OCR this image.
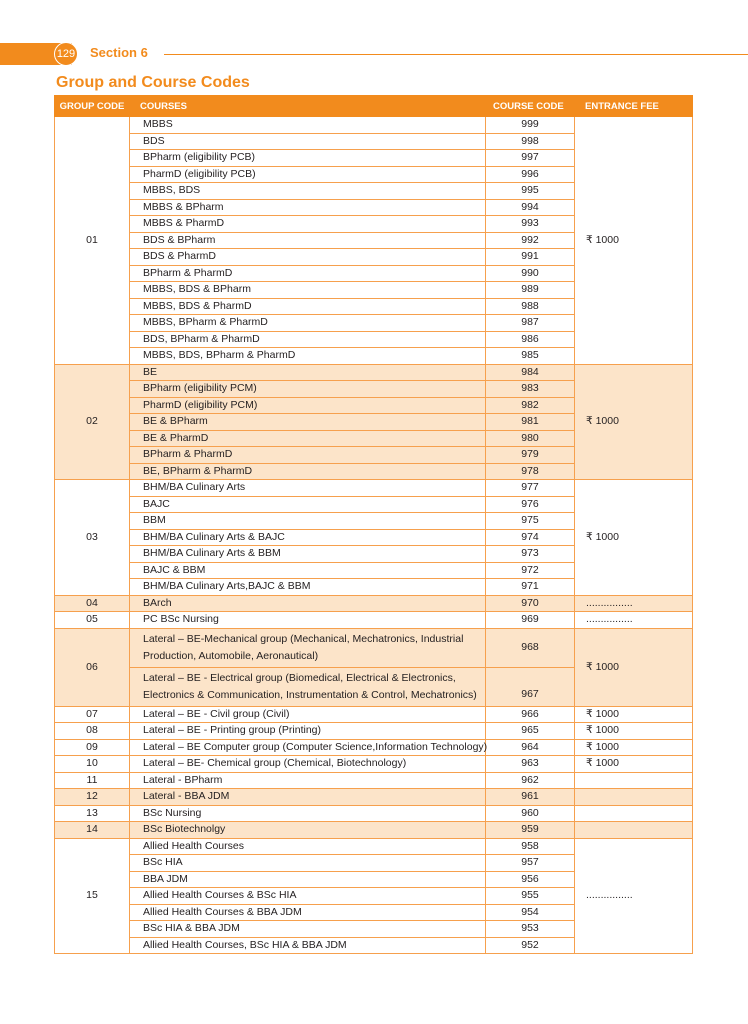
129 Section 6
Group and Course Codes
GROUP CODE	COURSES	COURSE CODE	ENTRANCE FEE
01	MBBS	999	₹ 1000
	BDS	998	
	BPharm (eligibility PCB)	997	
	PharmD (eligibility PCB)	996	
	MBBS, BDS	995	
	MBBS & BPharm	994	
	MBBS & PharmD	993	
	BDS & BPharm	992	
	BDS & PharmD	991	
	BPharm & PharmD	990	
	MBBS, BDS & BPharm	989	
	MBBS, BDS & PharmD	988	
	MBBS, BPharm & PharmD	987	
	BDS, BPharm & PharmD	986	
	MBBS, BDS, BPharm & PharmD	985	
02	BE	984	₹ 1000
	BPharm (eligibility PCM)	983	
	PharmD (eligibility PCM)	982	
	BE & BPharm	981	
	BE & PharmD	980	
	BPharm & PharmD	979	
	BE, BPharm & PharmD	978	
03	BHM/BA Culinary Arts	977	₹ 1000
	BAJC	976	
	BBM	975	
	BHM/BA Culinary Arts & BAJC	974	
	BHM/BA Culinary Arts & BBM	973	
	BAJC & BBM	972	
	BHM/BA Culinary Arts,BAJC & BBM	971	
04	BArch	970	................
05	PC BSc Nursing	969	................
06	Lateral – BE-Mechanical group (Mechanical, Mechatronics, Industrial Production, Automobile, Aeronautical)	968	₹ 1000
	Lateral – BE - Electrical group (Biomedical, Electrical & Electronics, Electronics & Communication, Instrumentation & Control, Mechatronics)	967	
07	Lateral – BE - Civil group (Civil)	966	₹ 1000
08	Lateral – BE - Printing group (Printing)	965	₹ 1000
09	Lateral – BE Computer group (Computer Science,Information Technology)	964	₹ 1000
10	Lateral – BE- Chemical group (Chemical, Biotechnology)	963	₹ 1000
11	Lateral - BPharm	962	
12	Lateral - BBA JDM	961	
13	BSc Nursing	960	
14	BSc Biotechnolgy	959	
15	Allied Health Courses	958	................
	BSc HIA	957	
	BBA JDM	956	
	Allied Health Courses & BSc HIA	955	
	Allied Health Courses & BBA JDM	954	
	BSc HIA & BBA JDM	953	
	Allied Health Courses, BSc HIA & BBA JDM	952	
